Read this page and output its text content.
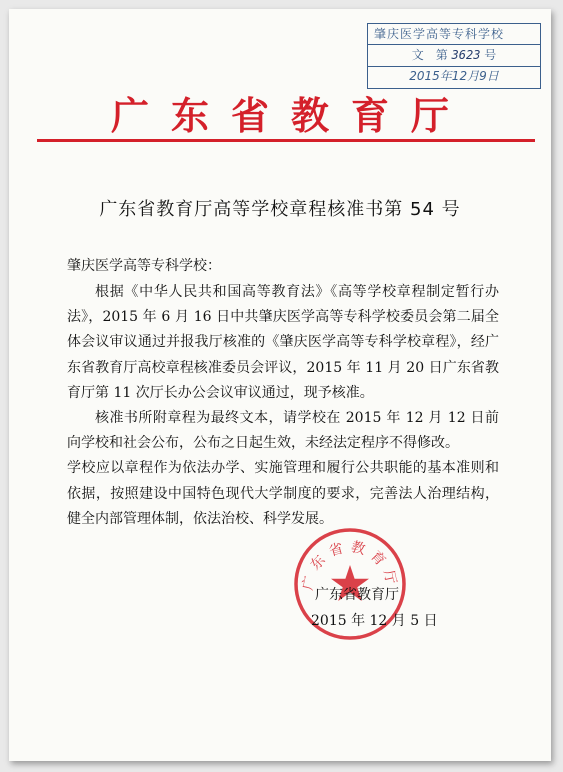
肇庆医学高等专科学校
文　第 3623 号
2015年12月9日
广东省教育厅
广东省教育厅高等学校章程核准书第 54 号
肇庆医学高等专科学校：

根据《中华人民共和国高等教育法》《高等学校章程制定暂行办法》，2015 年 6 月 16 日中共肇庆医学高等专科学校委员会第二届全体会议审议通过并报我厅核准的《肇庆医学高等专科学校章程》，经广东省教育厅高校章程核准委员会评议，2015 年 11 月 20 日广东省教育厅第 11 次厅长办公会议审议通过，现予核准。

核准书所附章程为最终文本，请学校在 2015 年 12 月 12 日前向学校和社会公布，公布之日起生效，未经法定程序不得修改。

学校应以章程作为依法办学、实施管理和履行公共职能的基本准则和依据，按照建设中国特色现代大学制度的要求，完善法人治理结构，健全内部管理体制，依法治校、科学发展。

广东省教育厅
广东省教育厅
2015 年 12 月 5 日
